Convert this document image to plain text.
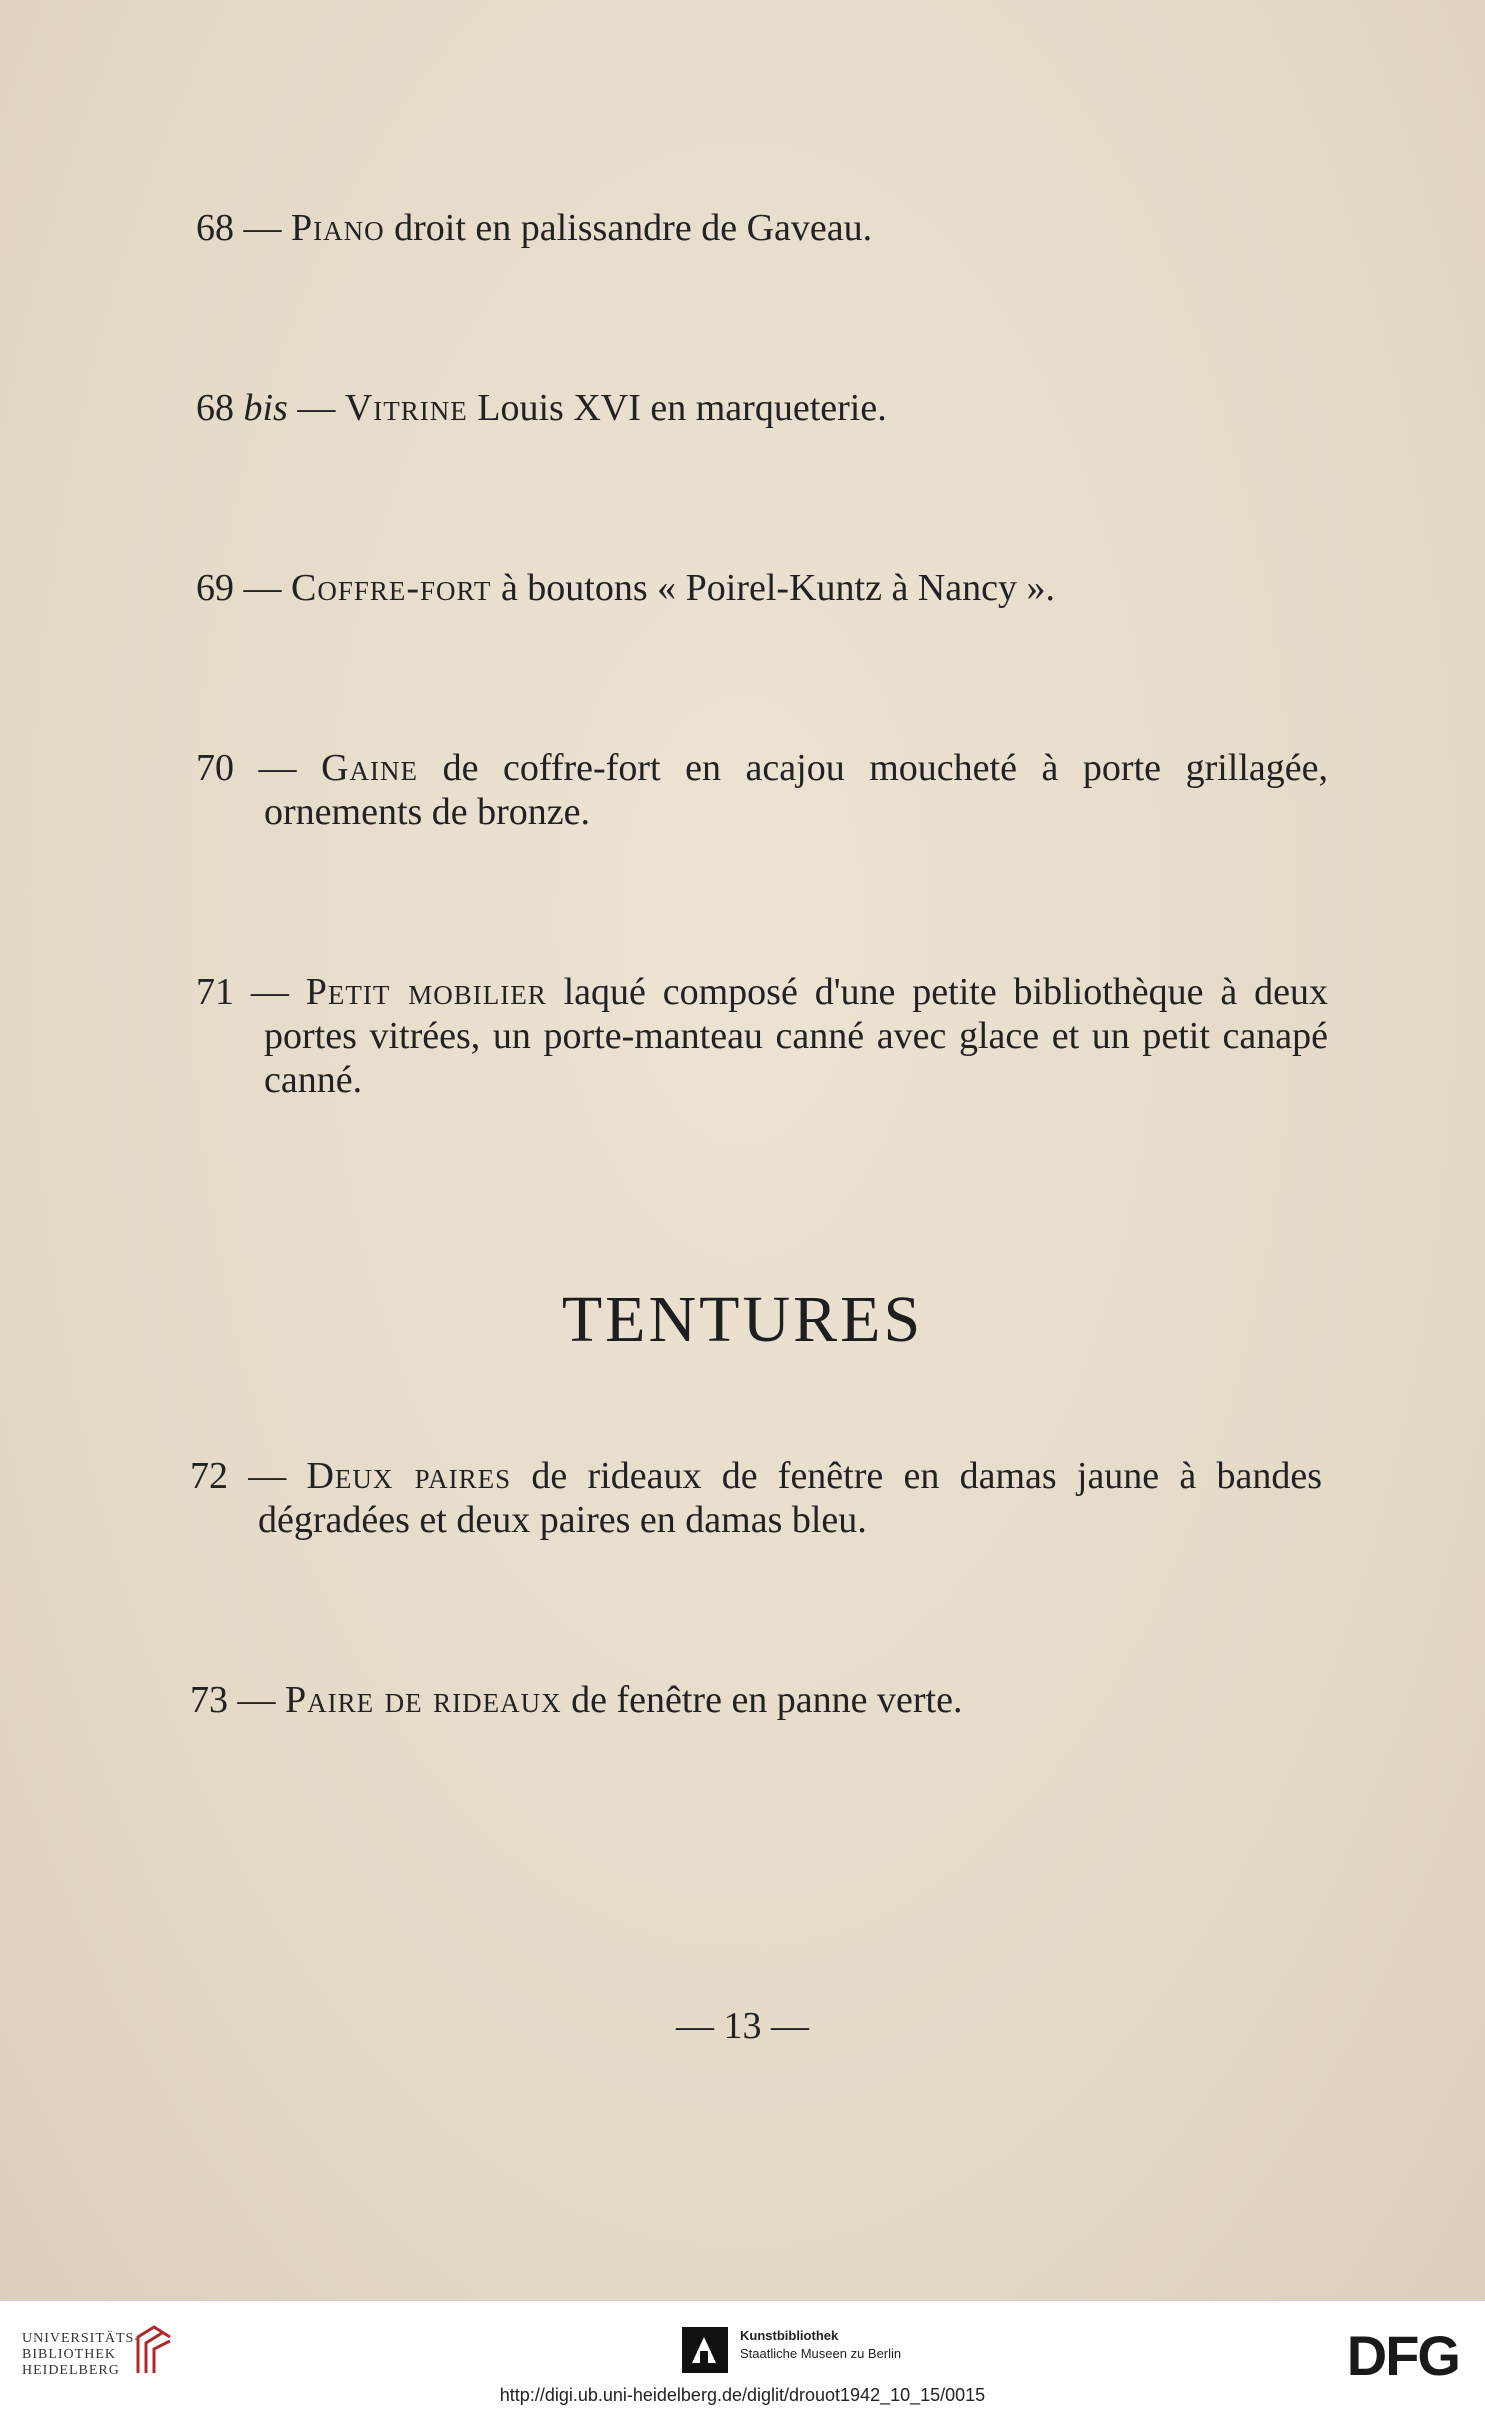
68 — Piano droit en palissandre de Gaveau.

68 bis — Vitrine Louis XVI en marqueterie.

69 — Coffre-fort à boutons « Poirel-Kuntz à Nancy ».

70 — Gaine de coffre-fort en acajou moucheté à porte grillagée, ornements de bronze.

71 — Petit mobilier laqué composé d'une petite bibliothèque à deux portes vitrées, un porte-manteau canné avec glace et un petit canapé canné.

TENTURES

72 — Deux paires de rideaux de fenêtre en damas jaune à bandes dégradées et deux paires en damas bleu.

73 — Paire de rideaux de fenêtre en panne verte.

— 13 —
UNIVERSITÄTS-
BIBLIOTHEK
HEIDELBERG
Kunstbibliothek
Staatliche Museen zu Berlin	DFG
http://digi.ub.uni-heidelberg.de/diglit/drouot1942_10_15/0015
